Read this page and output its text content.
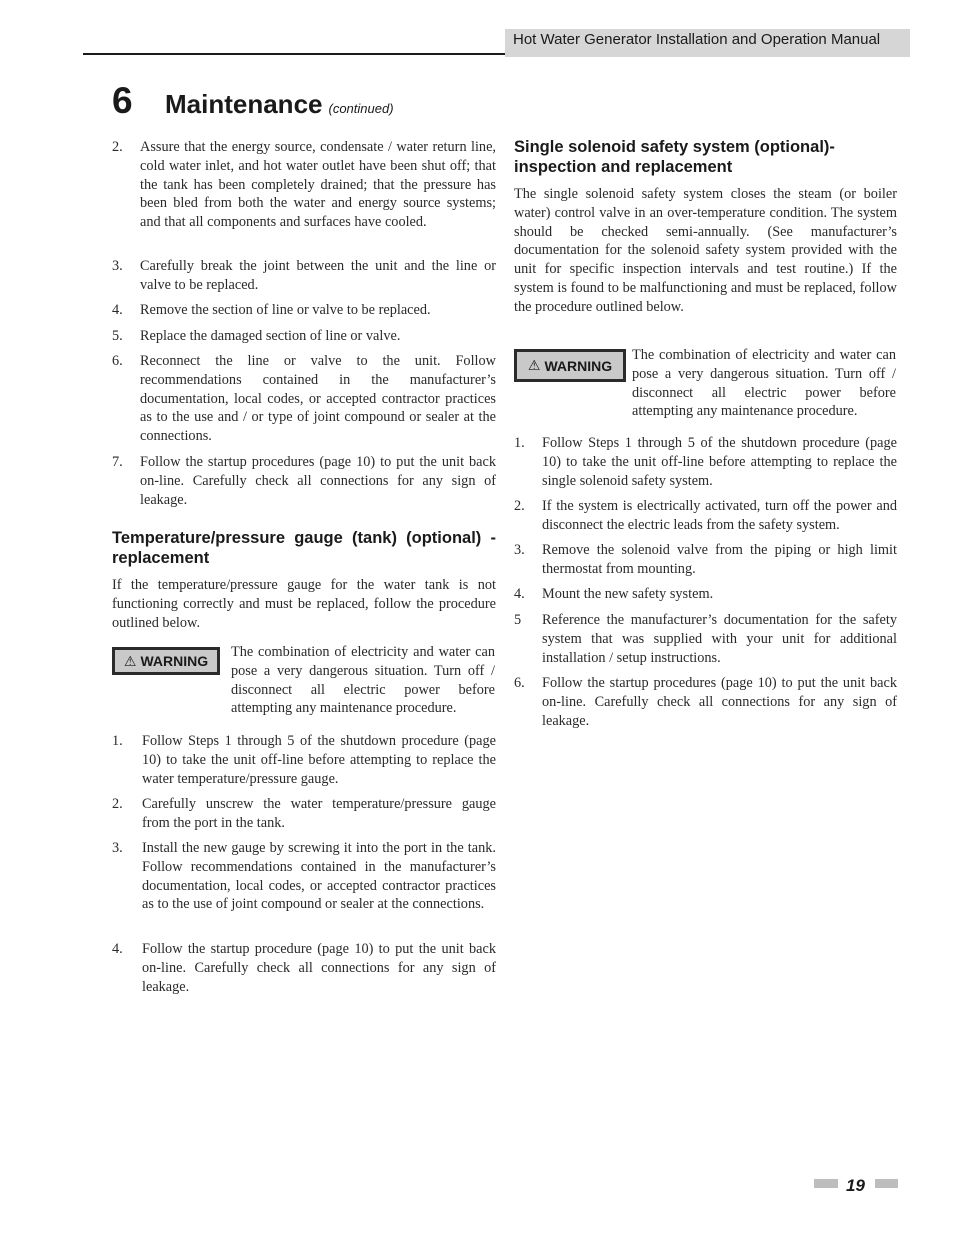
Hot Water Generator Installation and Operation Manual
6 Maintenance (continued)
2. Assure that the energy source, condensate / water return line, cold water inlet, and hot water outlet have been shut off; that the tank has been completely drained; that the pressure has been bled from both the water and energy source systems; and that all components and surfaces have cooled.
3. Carefully break the joint between the unit and the line or valve to be replaced.
4. Remove the section of line or valve to be replaced.
5. Replace the damaged section of line or valve.
6. Reconnect the line or valve to the unit. Follow recommendations contained in the manufacturer’s documentation, local codes, or accepted contractor practices as to the use and / or type of joint compound or sealer at the connections.
7. Follow the startup procedures (page 10) to put the unit back on-line. Carefully check all connections for any sign of leakage.

Temperature/pressure gauge (tank) (optional) - replacement

If the temperature/pressure gauge for the water tank is not functioning correctly and must be replaced, follow the procedure outlined below.

⚠ WARNING

The combination of electricity and water can pose a very dangerous situation. Turn off / disconnect all electric power before attempting any maintenance procedure.

1. Follow Steps 1 through 5 of the shutdown procedure (page 10) to take the unit off-line before attempting to replace the water temperature/pressure gauge.
2. Carefully unscrew the water temperature/pressure gauge from the port in the tank.
3. Install the new gauge by screwing it into the port in the tank. Follow recommendations contained in the manufacturer’s documentation, local codes, or accepted contractor practices as to the use of joint compound or sealer at the connections.
4. Follow the startup procedure (page 10) to put the unit back on-line. Carefully check all connections for any sign of leakage.

Single solenoid safety system (optional)-inspection and replacement

The single solenoid safety system closes the steam (or boiler water) control valve in an over-temperature condition. The system should be checked semi-annually. (See manufacturer’s documentation for the solenoid safety system provided with the unit for specific inspection intervals and test routine.) If the system is found to be malfunctioning and must be replaced, follow the procedure outlined below.

⚠ WARNING

The combination of electricity and water can pose a very dangerous situation. Turn off / disconnect all electric power before attempting any maintenance procedure.

1. Follow Steps 1 through 5 of the shutdown procedure (page 10) to take the unit off-line before attempting to replace the single solenoid safety system.
2. If the system is electrically activated, turn off the power and disconnect the electric leads from the safety system.
3. Remove the solenoid valve from the piping or high limit thermostat from mounting.
4. Mount the new safety system.
5 Reference the manufacturer’s documentation for the safety system that was supplied with your unit for additional installation / setup instructions.
6. Follow the startup procedures (page 10) to put the unit back on-line. Carefully check all connections for any sign of leakage.
19
